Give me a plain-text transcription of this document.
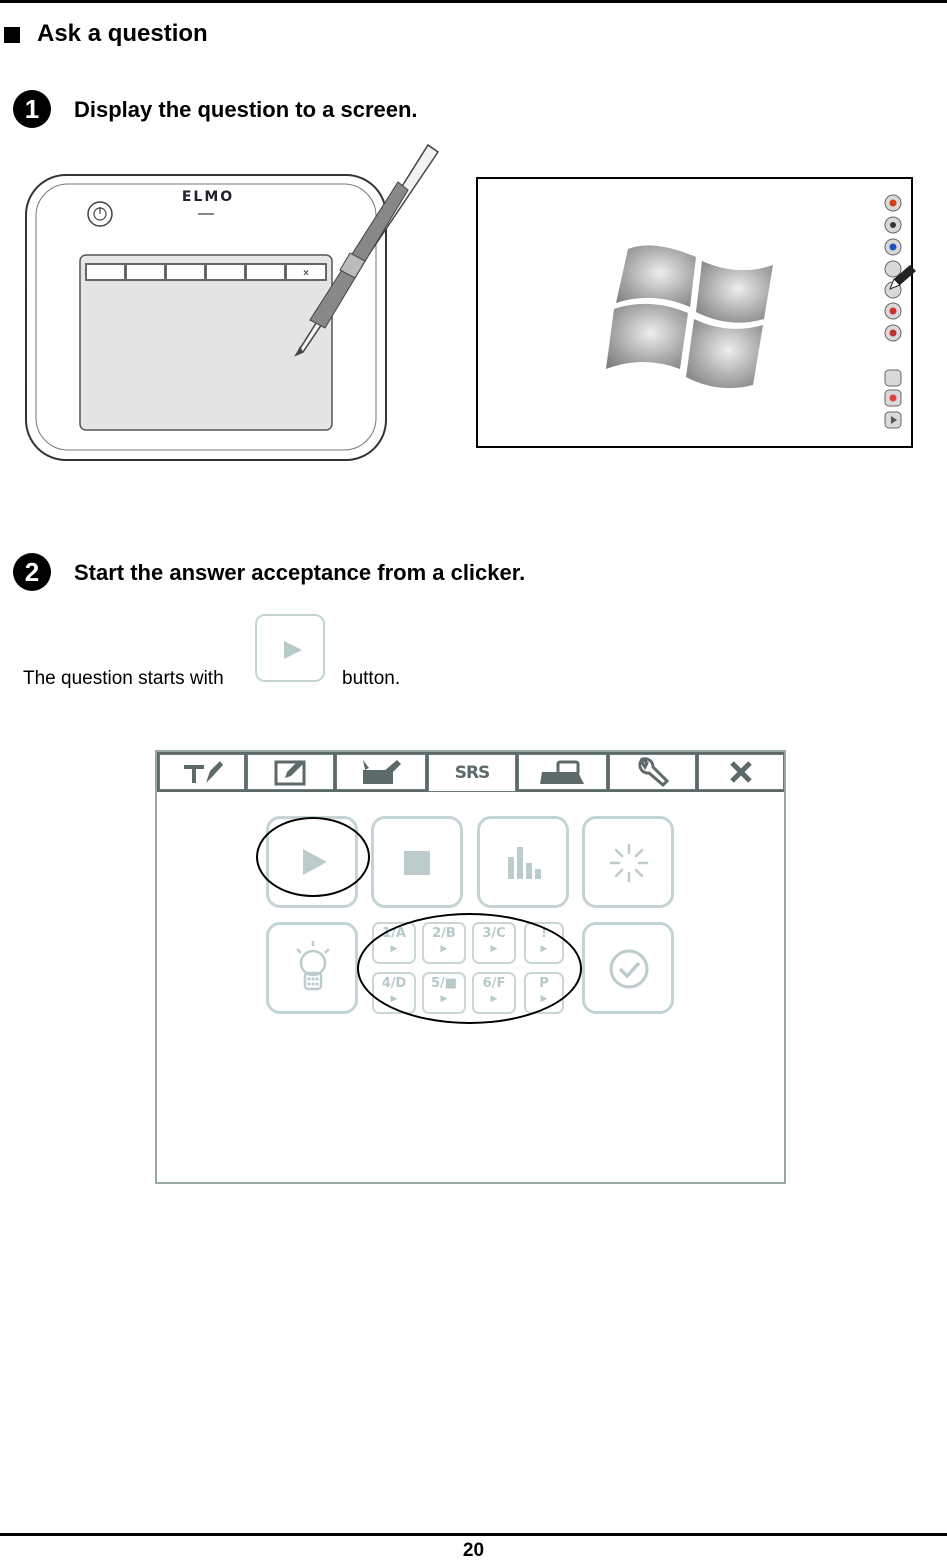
Ask a question
1	Display the question to a screen.
ELMO
×
2	Start the answer acceptance from a clicker.
The question starts with	button.
SRS
1/A
▶
2/B
▶
3/C
▶
!
▶
4/D
▶
5/■
▶
6/F
▶
P
▶
20
